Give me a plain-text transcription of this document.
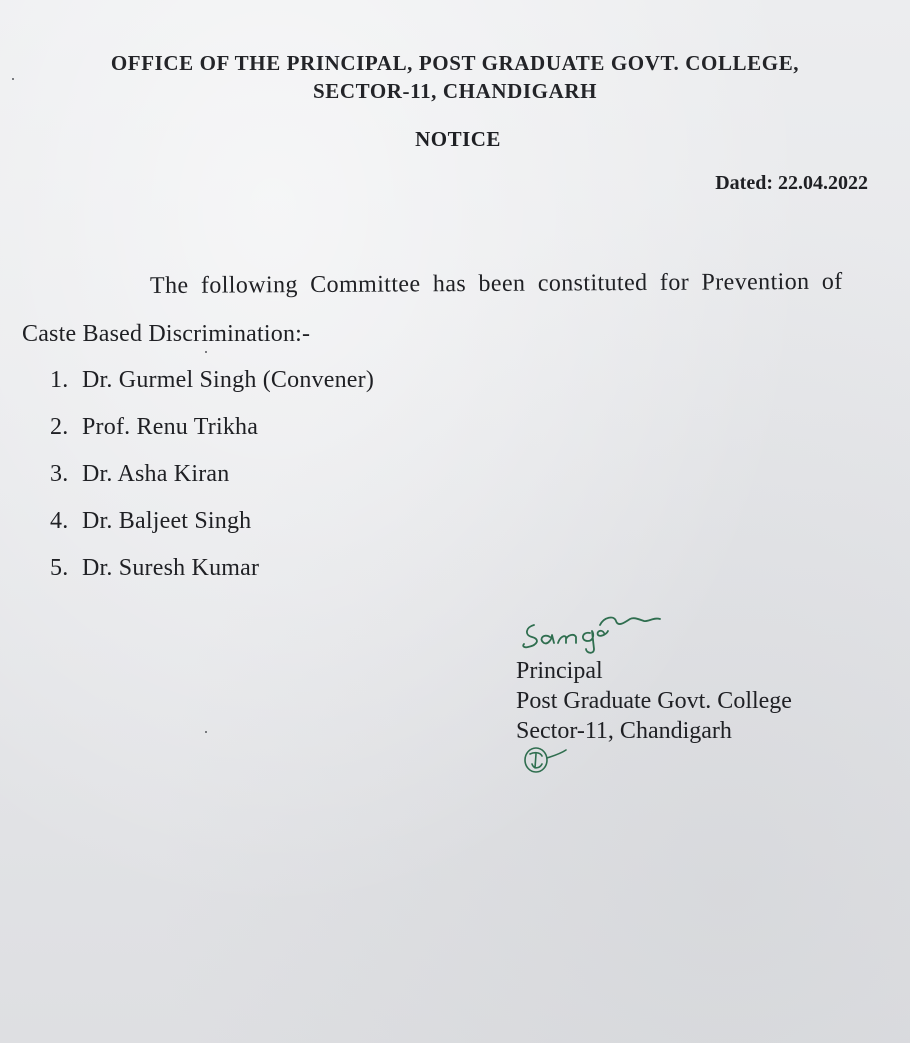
OFFICE OF THE PRINCIPAL, POST GRADUATE GOVT. COLLEGE,
SECTOR-11, CHANDIGARH
NOTICE
Dated: 22.04.2022
The following Committee has been constituted for Prevention of
Caste Based Discrimination:-
1. Dr. Gurmel Singh (Convener)
2. Prof. Renu Trikha
3. Dr. Asha Kiran
4. Dr. Baljeet Singh
5. Dr. Suresh Kumar
Principal
Post Graduate Govt. College
Sector-11, Chandigarh
